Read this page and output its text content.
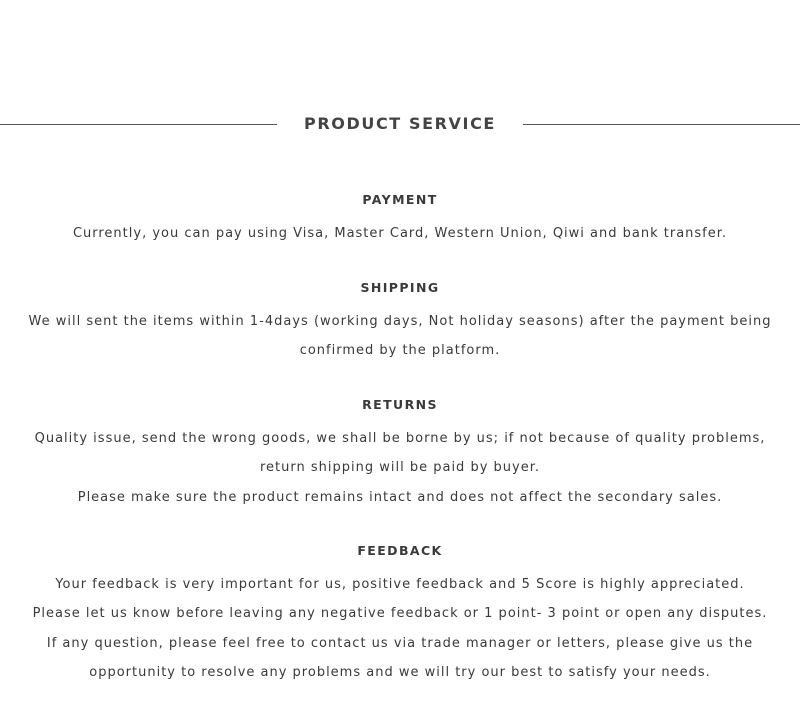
PRODUCT SERVICE
PAYMENT
Currently, you can pay using Visa, Master Card, Western Union, Qiwi and bank transfer.
SHIPPING
We will sent the items within 1-4days (working days, Not holiday seasons) after the payment being
confirmed by the platform.
RETURNS
Quality issue, send the wrong goods, we shall be borne by us; if not because of quality problems,
return shipping will be paid by buyer.
Please make sure the product remains intact and does not affect the secondary sales.
FEEDBACK
Your feedback is very important for us, positive feedback and 5 Score is highly appreciated.
Please let us know before leaving any negative feedback or 1 point- 3 point or open any disputes.
If any question, please feel free to contact us via trade manager or letters, please give us the
opportunity to resolve any problems and we will try our best to satisfy your needs.
